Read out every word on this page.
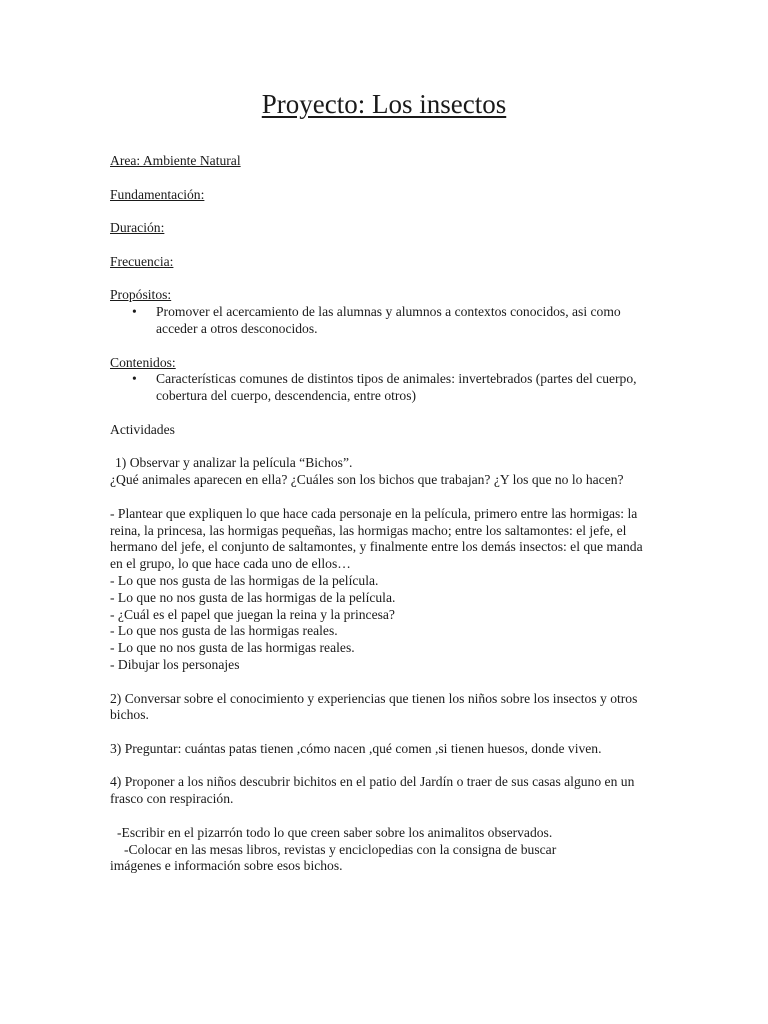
Proyecto: Los insectos

Area: Ambiente Natural

Fundamentación:

Duración:

Frecuencia:

Propósitos:

• Promover el acercamiento de las alumnas y alumnos a contextos conocidos, asi como acceder a otros desconocidos.

Contenidos:

• Características comunes de distintos tipos de animales: invertebrados (partes del cuerpo, cobertura del cuerpo, descendencia, entre otros)

Actividades

1) Observar y analizar la película “Bichos”.

¿Qué animales aparecen en ella? ¿Cuáles son los bichos que trabajan? ¿Y los que no lo hacen?

- Plantear que expliquen lo que hace cada personaje en la película, primero entre las hormigas: la reina, la princesa, las hormigas pequeñas, las hormigas macho; entre los saltamontes: el jefe, el hermano del jefe, el conjunto de saltamontes, y finalmente entre los demás insectos: el que manda en el grupo, lo que hace cada uno de ellos…

- Lo que nos gusta de las hormigas de la película.

- Lo que no nos gusta de las hormigas de la película.

- ¿Cuál es el papel que juegan la reina y la princesa?

- Lo que nos gusta de las hormigas reales.

- Lo que no nos gusta de las hormigas reales.

- Dibujar los personajes

2) Conversar sobre el conocimiento y experiencias que tienen los niños sobre los insectos y otros bichos.

3) Preguntar: cuántas patas tienen ,cómo nacen ,qué comen ,si tienen huesos, donde viven.

4) Proponer a los niños descubrir bichitos en el patio del Jardín o traer de sus casas alguno en un frasco con respiración.

-Escribir en el pizarrón todo lo que creen saber sobre los animalitos observados.

-Colocar en las mesas libros, revistas y enciclopedias con la consigna de buscar

imágenes e información sobre esos bichos.
